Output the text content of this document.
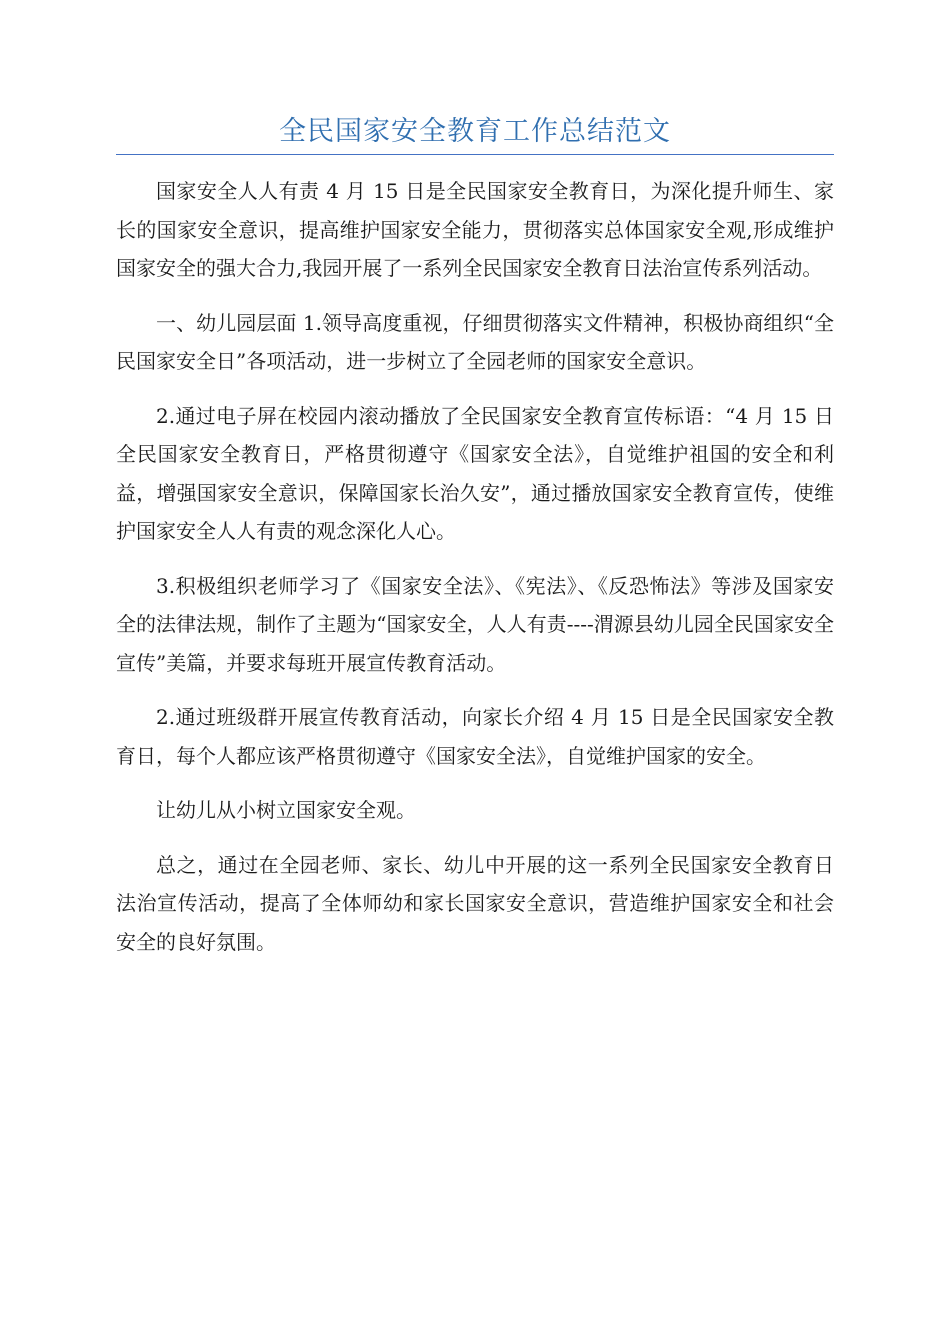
全民国家安全教育工作总结范文

国家安全人人有责 4 月 15 日是全民国家安全教育日，为深化提升师生、家长的国家安全意识，提高维护国家安全能力，贯彻落实总体国家安全观,形成维护国家安全的强大合力,我园开展了一系列全民国家安全教育日法治宣传系列活动。

一、幼儿园层面 1.领导高度重视，仔细贯彻落实文件精神，积极协商组织“全民国家安全日”各项活动，进一步树立了全园老师的国家安全意识。

2.通过电子屏在校园内滚动播放了全民国家安全教育宣传标语：“4 月 15 日全民国家安全教育日，严格贯彻遵守《国家安全法》，自觉维护祖国的安全和利益，增强国家安全意识，保障国家长治久安”，通过播放国家安全教育宣传，使维护国家安全人人有责的观念深化人心。

3.积极组织老师学习了《国家安全法》、《宪法》、《反恐怖法》等涉及国家安全的法律法规，制作了主题为“国家安全，人人有责----渭源县幼儿园全民国家安全宣传”美篇，并要求每班开展宣传教育活动。

2.通过班级群开展宣传教育活动，向家长介绍 4 月 15 日是全民国家安全教育日，每个人都应该严格贯彻遵守《国家安全法》，自觉维护国家的安全。

让幼儿从小树立国家安全观。

总之，通过在全园老师、家长、幼儿中开展的这一系列全民国家安全教育日法治宣传活动，提高了全体师幼和家长国家安全意识，营造维护国家安全和社会安全的良好氛围。
